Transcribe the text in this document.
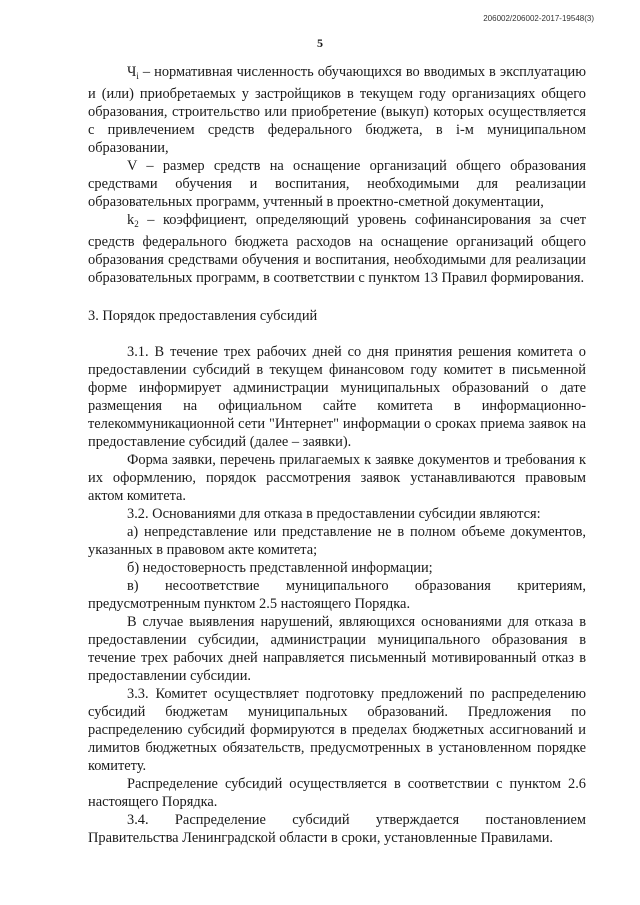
206002/206002-2017-19548(3)
5

$Ч_i$ – нормативная численность обучающихся во вводимых в эксплуатацию и (или) приобретаемых у застройщиков в текущем году организациях общего образования, строительство или приобретение (выкуп) которых осуществляется с привлечением средств федерального бюджета, в i-м муниципальном образовании,

V – размер средств на оснащение организаций общего образования средствами обучения и воспитания, необходимыми для реализации образовательных программ, учтенный в проектно-сметной документации,

$k_2$ – коэффициент, определяющий уровень софинансирования за счет средств федерального бюджета расходов на оснащение организаций общего образования средствами обучения и воспитания, необходимыми для реализации образовательных программ, в соответствии с пунктом 13 Правил формирования.

3. Порядок предоставления субсидий

3.1. В течение трех рабочих дней со дня принятия решения комитета о предоставлении субсидий в текущем финансовом году комитет в письменной форме информирует администрации муниципальных образований о дате размещения на официальном сайте комитета в информационно-телекоммуникационной сети "Интернет" информации о сроках приема заявок на предоставление субсидий (далее – заявки).

Форма заявки, перечень прилагаемых к заявке документов и требования к их оформлению, порядок рассмотрения заявок устанавливаются правовым актом комитета.

3.2. Основаниями для отказа в предоставлении субсидии являются:

а) непредставление или представление не в полном объеме документов, указанных в правовом акте комитета;

б) недостоверность представленной информации;

в) несоответствие муниципального образования критериям, предусмотренным пунктом 2.5 настоящего Порядка.

В случае выявления нарушений, являющихся основаниями для отказа в предоставлении субсидии, администрации муниципального образования в течение трех рабочих дней направляется письменный мотивированный отказ в предоставлении субсидии.

3.3. Комитет осуществляет подготовку предложений по распределению субсидий бюджетам муниципальных образований. Предложения по распределению субсидий формируются в пределах бюджетных ассигнований и лимитов бюджетных обязательств, предусмотренных в установленном порядке комитету.

Распределение субсидий осуществляется в соответствии с пунктом 2.6 настоящего Порядка.

3.4. Распределение субсидий утверждается постановлением Правительства Ленинградской области в сроки, установленные Правилами.
